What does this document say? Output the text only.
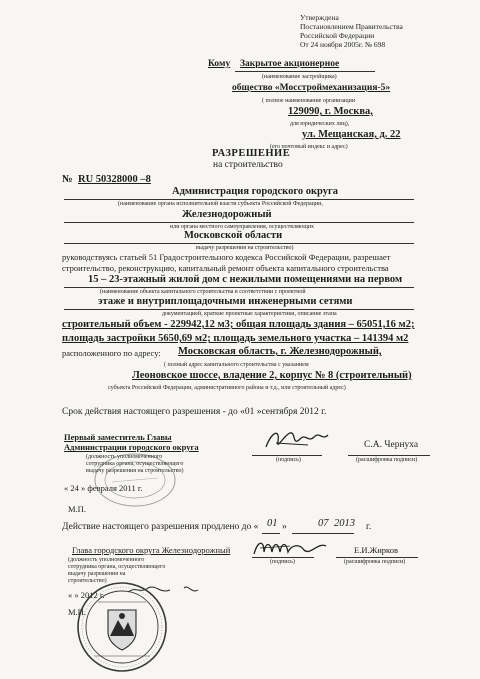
Утверждена
Постановлением Правительства
Российской Федерации
От 24 ноября 2005г. № 698
Кому Закрытое акционерное
(наименование застройщика)
общество «Мосстроймеханизация-5»
( полное наименование организации
129090, г. Москва,
для юридических лиц),
ул. Мещанская, д. 22
(его почтовый индекс и адрес)
РАЗРЕШЕНИЕ
на строительство
№ RU 50328000 –8
Администрация городского округа
(наименование органа исполнительной власти субъекта Российской Федерации,
Железнодорожный
или органа местного самоуправления, осуществляющих
Московской области
выдачу разрешения на строительство)
руководствуясь статьей 51 Градостроительного кодекса Российской Федерации, разрешает
строительство, реконструкцию, капитальный ремонт объекта капитального строительства
15 – 23-этажный жилой дом с нежилыми помещениями на первом
(наименование объекта капитального строительства в соответствии с проектной
этаже и внутриплощадочными инженерными сетями
документацией, краткие проектные характеристики, описание этапа
строительный объем - 229942,12 м3; общая площадь здания – 65051,16 м2;
площадь застройки 5650,69 м2; площадь земельного участка – 141394 м2
расположенного по адресу: Московская область, г. Железнодорожный,
( полный адрес капитального строительства с указанием
Леоновское шоссе, владение 2, корпус № 8 (строительный)
субъекта Российской Федерации, административного района и т.д., или строительный адрес)
Срок действия настоящего разрешения - до «01 »сентября 2012 г.
Первый заместитель Главы
Администрации городского округа
(должность уполномоченного
сотрудника органа, осуществляющего
выдачу разрешения на строительство)
(подпись)
С.А. Чернуха
(расшифровка подписи)
« 24 » февраля 2011 г.
М.П.
Действие настоящего разрешения продлено до « 01 »	07 2013 г.
Глава городского округа Железнодорожный
(должность уполномоченного
сотрудника органа, осуществляющего
выдачу разрешения на
строительство)
(подпись)
Е.И.Жирков
(расшифровка подписи)
« » 2012 г.
М.П.
